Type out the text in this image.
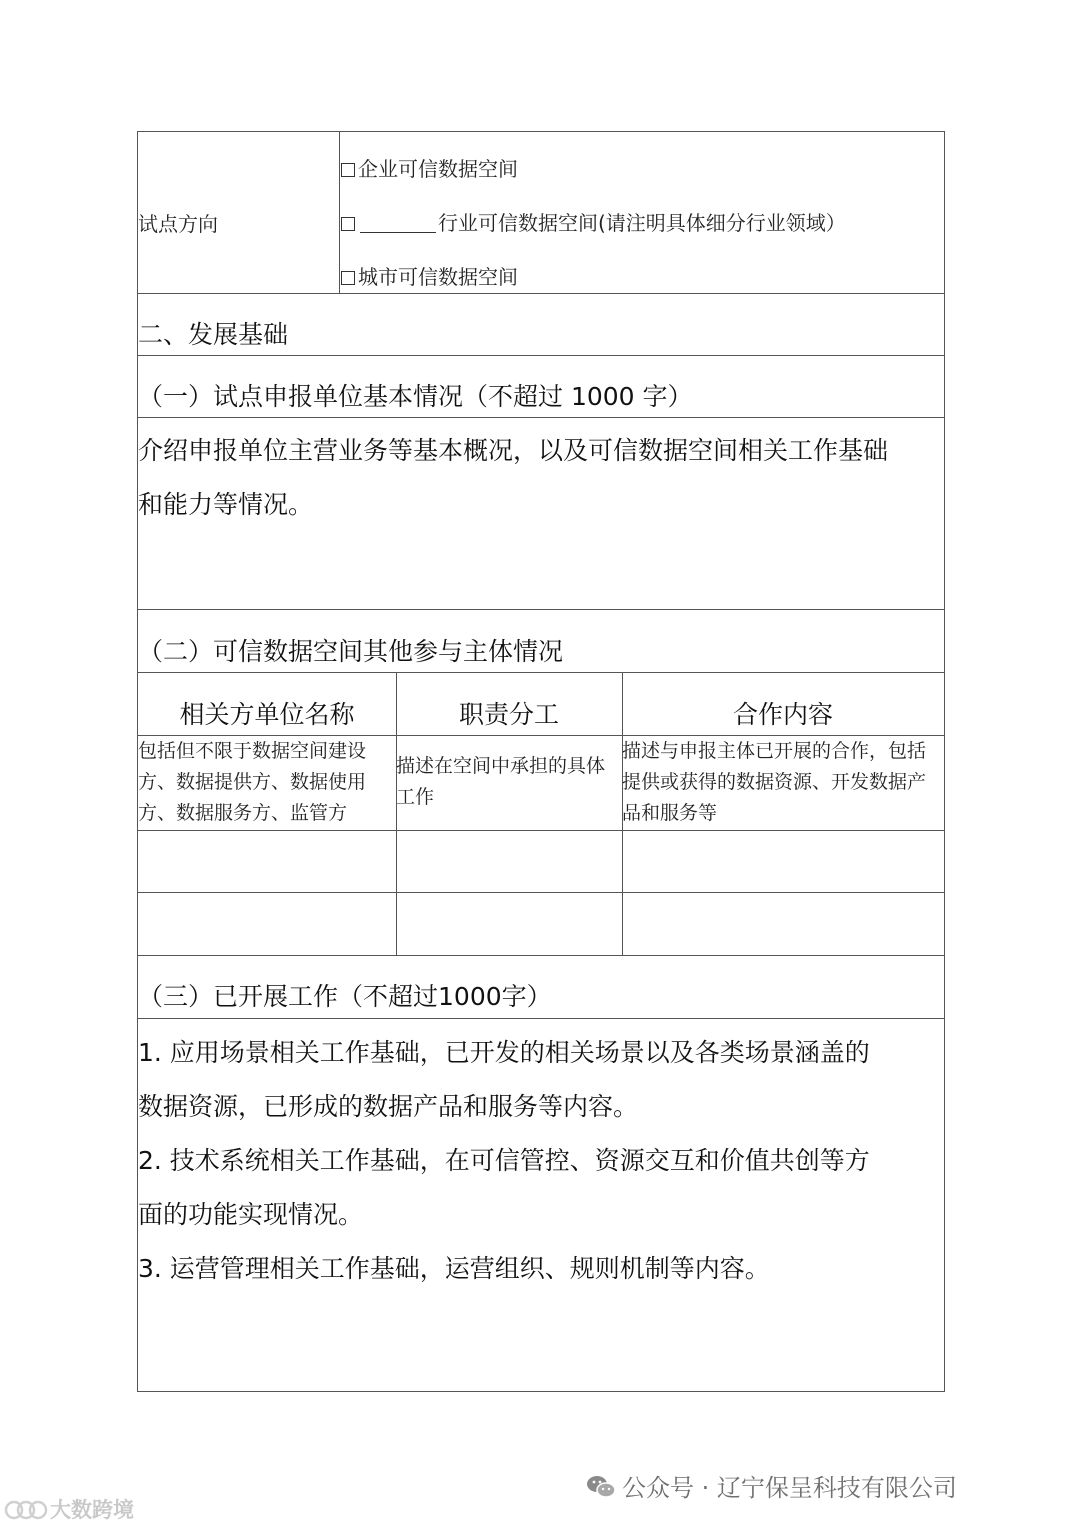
试点方向
企业可信数据空间
行业可信数据空间(请注明具体细分行业领域）
城市可信数据空间
二、发展基础
（一）试点申报单位基本情况（不超过 1000 字）
介绍申报单位主营业务等基本概况，以及可信数据空间相关工作基础
和能力等情况。
（二）可信数据空间其他参与主体情况
相关方单位名称	职责分工	合作内容
包括但不限于数据空间建设方、数据提供方、数据使用方、数据服务方、监管方
描述在空间中承担的具体工作
描述与申报主体已开展的合作，包括提供或获得的数据资源、开发数据产品和服务等
（三）已开展工作（不超过1000字）
1. 应用场景相关工作基础，已开发的相关场景以及各类场景涵盖的
数据资源，已形成的数据产品和服务等内容。
2. 技术系统相关工作基础，在可信管控、资源交互和价值共创等方
面的功能实现情况。
3. 运营管理相关工作基础，运营组织、规则机制等内容。
公众号 · 辽宁保呈科技有限公司
大数跨境
